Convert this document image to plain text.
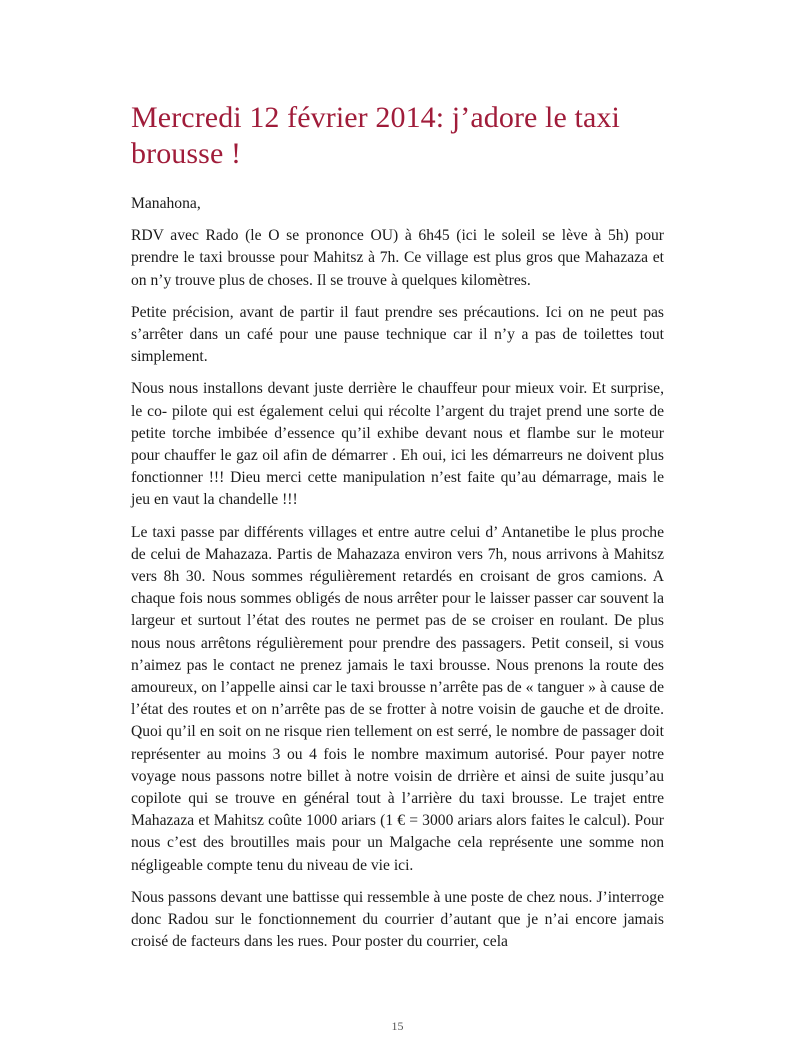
Mercredi 12 février 2014: j’adore le taxi brousse !

Manahona,

RDV avec Rado (le O se prononce OU) à 6h45 (ici le soleil se lève à 5h) pour prendre le taxi brousse pour Mahitsz à 7h. Ce village est plus gros que Mahazaza et on n’y trouve plus de choses. Il se trouve à quelques kilomètres.

Petite précision, avant de partir il faut prendre ses précautions. Ici on ne peut pas s’arrêter dans un café pour une pause technique car il n’y a pas de toilettes tout simplement.

Nous nous installons devant juste derrière le chauffeur pour mieux voir. Et surprise, le co- pilote qui est également celui qui récolte l’argent du trajet prend une sorte de petite torche imbibée d’essence qu’il exhibe devant nous et flambe sur le moteur pour chauffer le gaz oil afin de démarrer . Eh oui, ici les démarreurs ne doivent plus fonctionner !!! Dieu merci cette manipulation n’est faite qu’au démarrage, mais le jeu en vaut la chandelle !!!

Le taxi passe par différents villages et entre autre celui d’ Antanetibe le plus proche de celui de Mahazaza. Partis de Mahazaza environ vers 7h, nous arrivons à Mahitsz vers 8h 30. Nous sommes régulièrement retardés en croisant de gros camions. A chaque fois nous sommes obligés de nous arrêter pour le laisser passer car souvent la largeur et surtout l’état des routes ne permet pas de se croiser en roulant. De plus nous nous arrêtons régulièrement pour prendre des passagers. Petit conseil, si vous n’aimez pas le contact ne prenez jamais le taxi brousse. Nous prenons la route des amoureux, on l’appelle ainsi car le taxi brousse n’arrête pas de « tanguer » à cause de l’état des routes et on n’arrête pas de se frotter à notre voisin de gauche et de droite. Quoi qu’il en soit on ne risque rien tellement on est serré, le nombre de passager doit représenter au moins 3 ou 4 fois le nombre maximum autorisé. Pour payer notre voyage nous passons notre billet à notre voisin de drrière et ainsi de suite jusqu’au copilote qui se trouve en général tout à l’arrière du taxi brousse. Le trajet entre Mahazaza et Mahitsz coûte 1000 ariars (1 € = 3000 ariars alors faites le calcul). Pour nous c’est des broutilles mais pour un Malgache cela représente une somme non négligeable compte tenu du niveau de vie ici.

Nous passons devant une battisse qui ressemble à une poste de chez nous. J’interroge donc Radou sur le fonctionnement du courrier d’autant que je n’ai encore jamais croisé de facteurs dans les rues. Pour poster du courrier, cela

15
